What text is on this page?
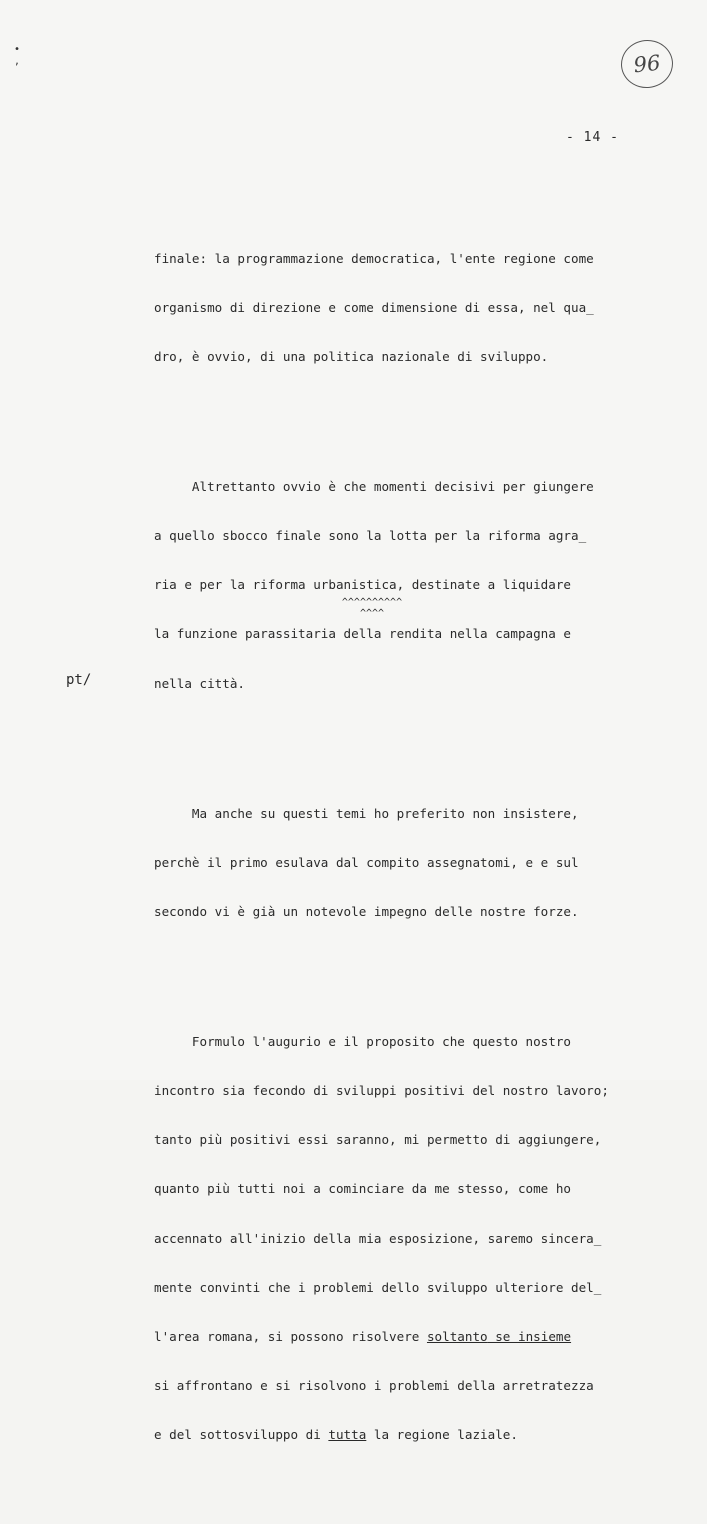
•
,	96
- 14 -

finale: la programmazione democratica, l'ente regione come

organismo di direzione e come dimensione di essa, nel qua_

dro, è ovvio, di una politica nazionale di sviluppo.

Altrettanto ovvio è che momenti decisivi per giungere

a quello sbocco finale sono la lotta per la riforma agra_

ria e per la riforma urbanistica, destinate a liquidare

la funzione parassitaria della rendita nella campagna e

nella città.

Ma anche su questi temi ho preferito non insistere,

perchè il primo esulava dal compito assegnatomi, e e sul

secondo vi è già un notevole impegno delle nostre forze.

Formulo l'augurio e il proposito che questo nostro

incontro sia fecondo di sviluppi positivi del nostro lavoro;

tanto più positivi essi saranno, mi permetto di aggiungere,

quanto più tutti noi a cominciare da me stesso, come ho

accennato all'inizio della mia esposizione, saremo sincera_

mente convinti che i problemi dello sviluppo ulteriore del_

l'area romana, si possono risolvere soltanto se insieme

si affrontano e si risolvono i problemi della arretratezza

e del sottosviluppo di tutta la regione laziale.

^^^^^^^^^^
^^^^
pt/
